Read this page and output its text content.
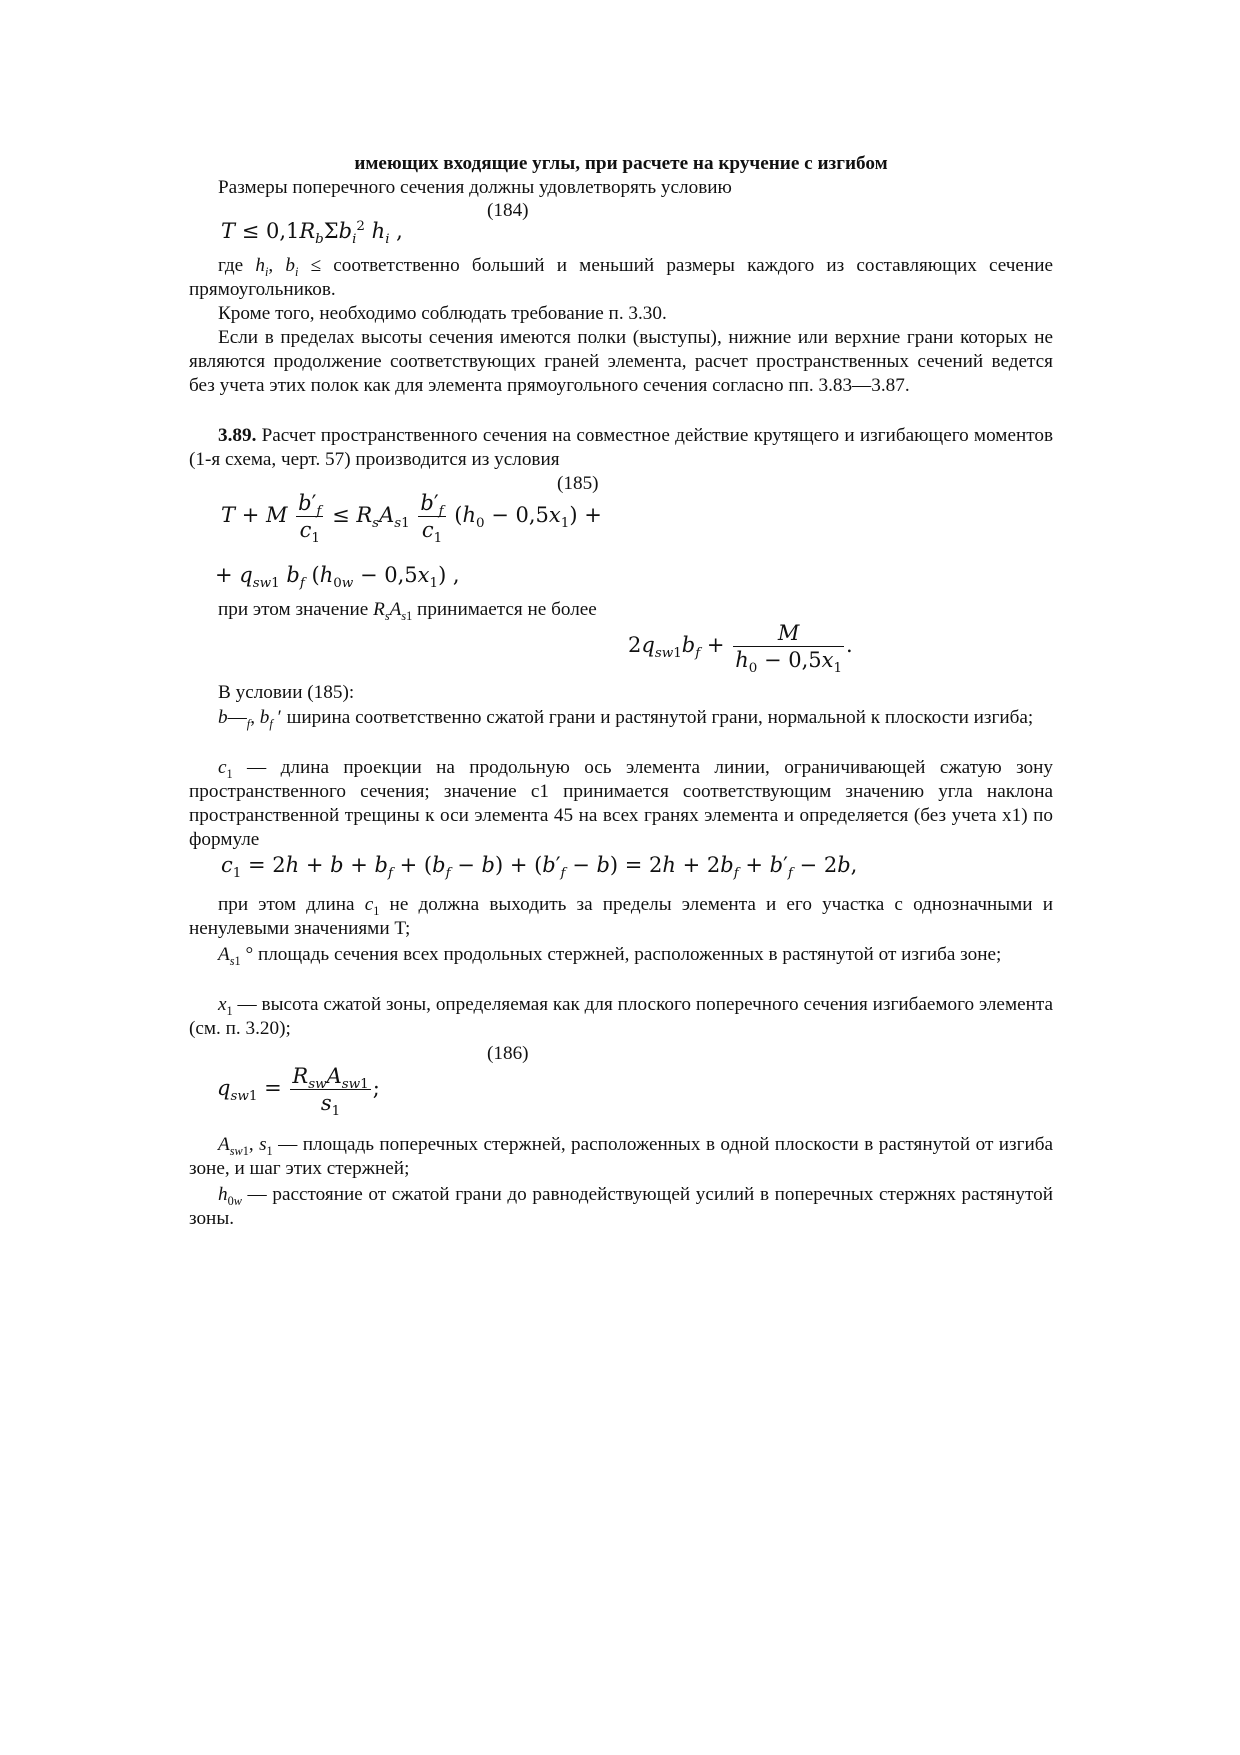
имеющих входящие углы, при расчете на кручение с изгибом
Размеры поперечного сечения должны удовлетворять условию
(184)
$T \le 0,1R_b\Sigma b_i^2$ $h_i$ ,
где $h_i$, $b_i$ ≤ соответственно больший и меньший размеры каждого из составляющих сечение прямоугольников.
Кроме того, необходимо соблюдать требование п. 3.30.
Если в пределах высоты сечения имеются полки (выступы), нижние или верхние грани которых не являются продолжение соответствующих граней элемента, расчет пространственных сечений ведется без учета этих полок как для элемента прямоугольного сечения согласно пп. 3.83—3.87.
3.89. Расчет пространственного сечения на совместное действие крутящего и изгибающего моментов (1-я схема, черт. 57) производится из условия
(185)
T + M $\frac{b'_f}{c_1} \le R_sA_{s1} \frac{b'_f}{c_1} (h_0 - 0,5x_1)$ +
+ $q_{sw1}$ $b_f$ $(h_{0w} - 0,5x_1)$ ,
при этом значение $R_sA_{s1}$ принимается не более
$2q_{sw1}b_f + \frac{M}{h_0 - 0,5x_1}$ .
В условии (185):
$b—_f$, $b_f$ ′ ширина соответственно сжатой грани и растянутой грани, нормальной к плоскости изгиба;
$c_1$ — длина проекции на продольную ось элемента линии, ограничивающей сжатую зону пространственного сечения; значение c1 принимается соответствующим значению угла наклона пространственной трещины к оси элемента 45 на всех гранях элемента и определяется (без учета x1) по формуле
$c_1 = 2h + b + b_f + (b_f - b) + (b'_f - b) = 2h + 2b_f + b'_f - 2b$,
при этом длина $c_1$ не должна выходить за пределы элемента и его участка с однозначными и ненулевыми значениями T;
$A_{s1}$ ° площадь сечения всех продольных стержней, расположенных в растянутой от изгиба зоне;
$x_1$ — высота сжатой зоны, определяемая как для плоского поперечного сечения изгибаемого элемента (см. п. 3.20);
(186)
$q_{sw1} = \frac{R_{sw}A_{sw1}}{s_1}$ ;
$A_{sw1}$, $s_1$ — площадь поперечных стержней, расположенных в одной плоскости в растянутой от изгиба зоне, и шаг этих стержней;
$h_{0w}$ — расстояние от сжатой грани до равнодействующей усилий в поперечных стержнях растянутой зоны.
